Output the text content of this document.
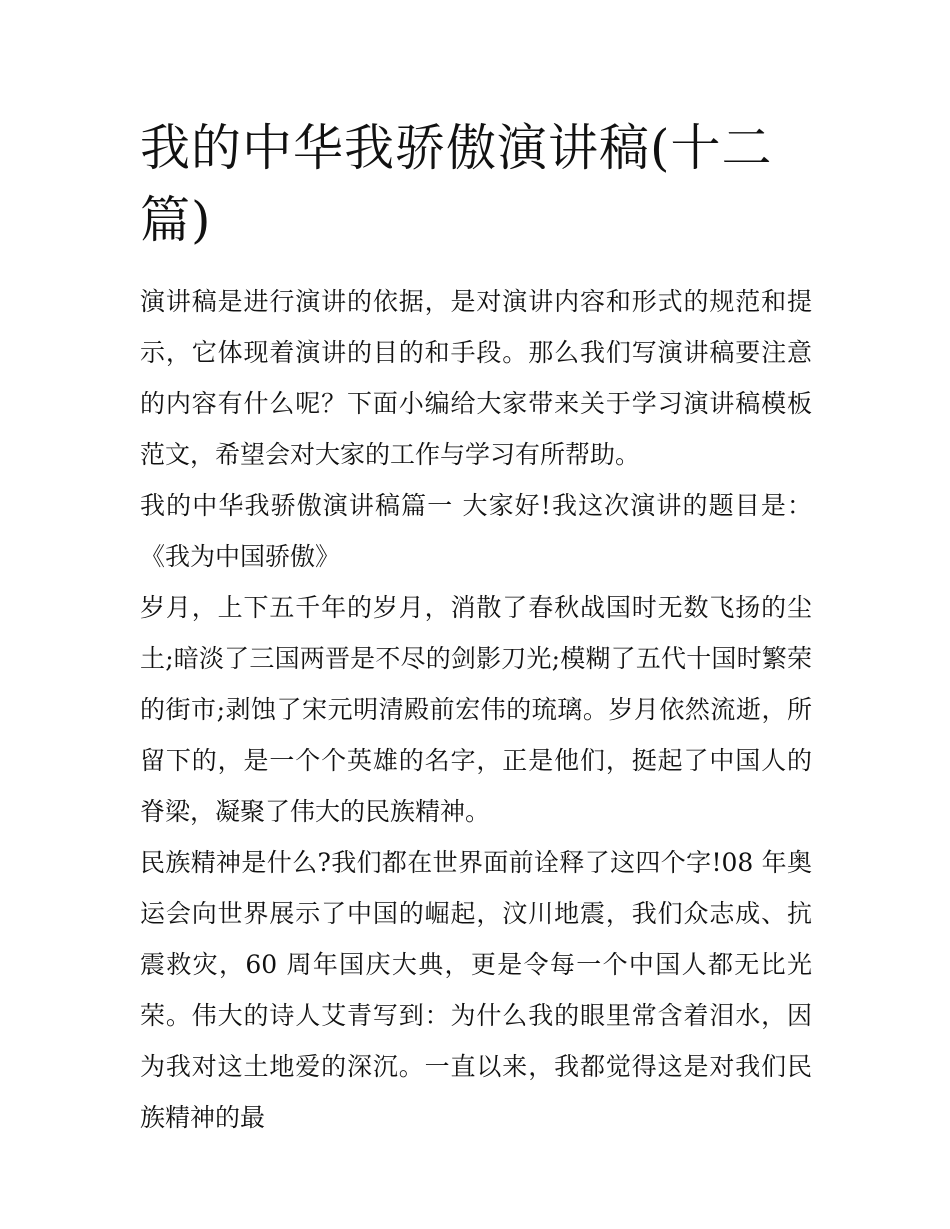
我的中华我骄傲演讲稿(十二篇)

演讲稿是进行演讲的依据，是对演讲内容和形式的规范和提示，它体现着演讲的目的和手段。那么我们写演讲稿要注意的内容有什么呢？下面小编给大家带来关于学习演讲稿模板范文，希望会对大家的工作与学习有所帮助。

我的中华我骄傲演讲稿篇一 大家好!我这次演讲的题目是：《我为中国骄傲》

岁月，上下五千年的岁月，消散了春秋战国时无数飞扬的尘土;暗淡了三国两晋是不尽的剑影刀光;模糊了五代十国时繁荣的街市;剥蚀了宋元明清殿前宏伟的琉璃。岁月依然流逝，所留下的，是一个个英雄的名字，正是他们，挺起了中国人的脊梁，凝聚了伟大的民族精神。

民族精神是什么?我们都在世界面前诠释了这四个字!08 年奥运会向世界展示了中国的崛起，汶川地震，我们众志成、抗震救灾，60 周年国庆大典，更是令每一个中国人都无比光荣。伟大的诗人艾青写到：为什么我的眼里常含着泪水，因为我对这土地爱的深沉。一直以来，我都觉得这是对我们民族精神的最
